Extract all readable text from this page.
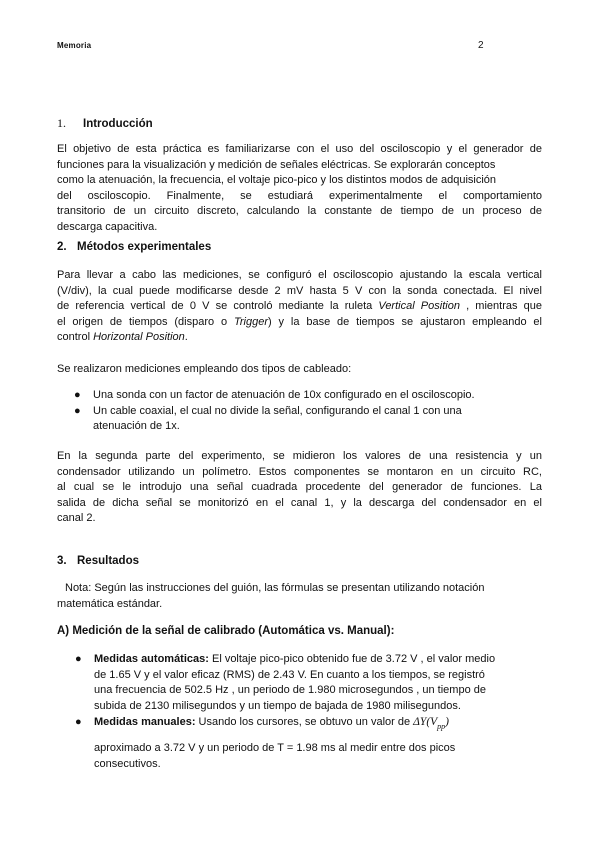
Memoria	2
1. Introducción
El objetivo de esta práctica es familiarizarse con el uso del osciloscopio y el generador de
funciones para la visualización y medición de señales eléctricas. Se explorarán conceptos
como la atenuación, la frecuencia, el voltaje pico-pico y los distintos modos de adquisición
del osciloscopio. Finalmente, se estudiará experimentalmente el comportamiento
transitorio de un circuito discreto, calculando la constante de tiempo de un proceso de
descarga capacitiva.
2. Métodos experimentales
Para llevar a cabo las mediciones, se configuró el osciloscopio ajustando la escala vertical
(V/div), la cual puede modificarse desde 2 mV hasta 5 V con la sonda conectada. El nivel
de referencia vertical de 0 V se controló mediante la ruleta Vertical Position , mientras que
el origen de tiempos (disparo o Trigger) y la base de tiempos se ajustaron empleando el
control Horizontal Position.
Se realizaron mediciones empleando dos tipos de cableado:
● Una sonda con un factor de atenuación de 10x configurado en el osciloscopio.
● Un cable coaxial, el cual no divide la señal, configurando el canal 1 con una
atenuación de 1x.
En la segunda parte del experimento, se midieron los valores de una resistencia y un
condensador utilizando un polímetro. Estos componentes se montaron en un circuito RC,
al cual se le introdujo una señal cuadrada procedente del generador de funciones. La
salida de dicha señal se monitorizó en el canal 1, y la descarga del condensador en el
canal 2.
3. Resultados
Nota: Según las instrucciones del guión, las fórmulas se presentan utilizando notación
matemática estándar.
A) Medición de la señal de calibrado (Automática vs. Manual):
● Medidas automáticas: El voltaje pico-pico obtenido fue de 3.72 V , el valor medio
de 1.65 V y el valor eficaz (RMS) de 2.43 V. En cuanto a los tiempos, se registró
una frecuencia de 502.5 Hz , un periodo de 1.980 microsegundos , un tiempo de
subida de 2130 milisegundos y un tiempo de bajada de 1980 milisegundos.
● Medidas manuales: Usando los cursores, se obtuvo un valor de $\Delta Y(V_{pp})$
aproximado a 3.72 V y un periodo de T = 1.98 ms al medir entre dos picos
consecutivos.
